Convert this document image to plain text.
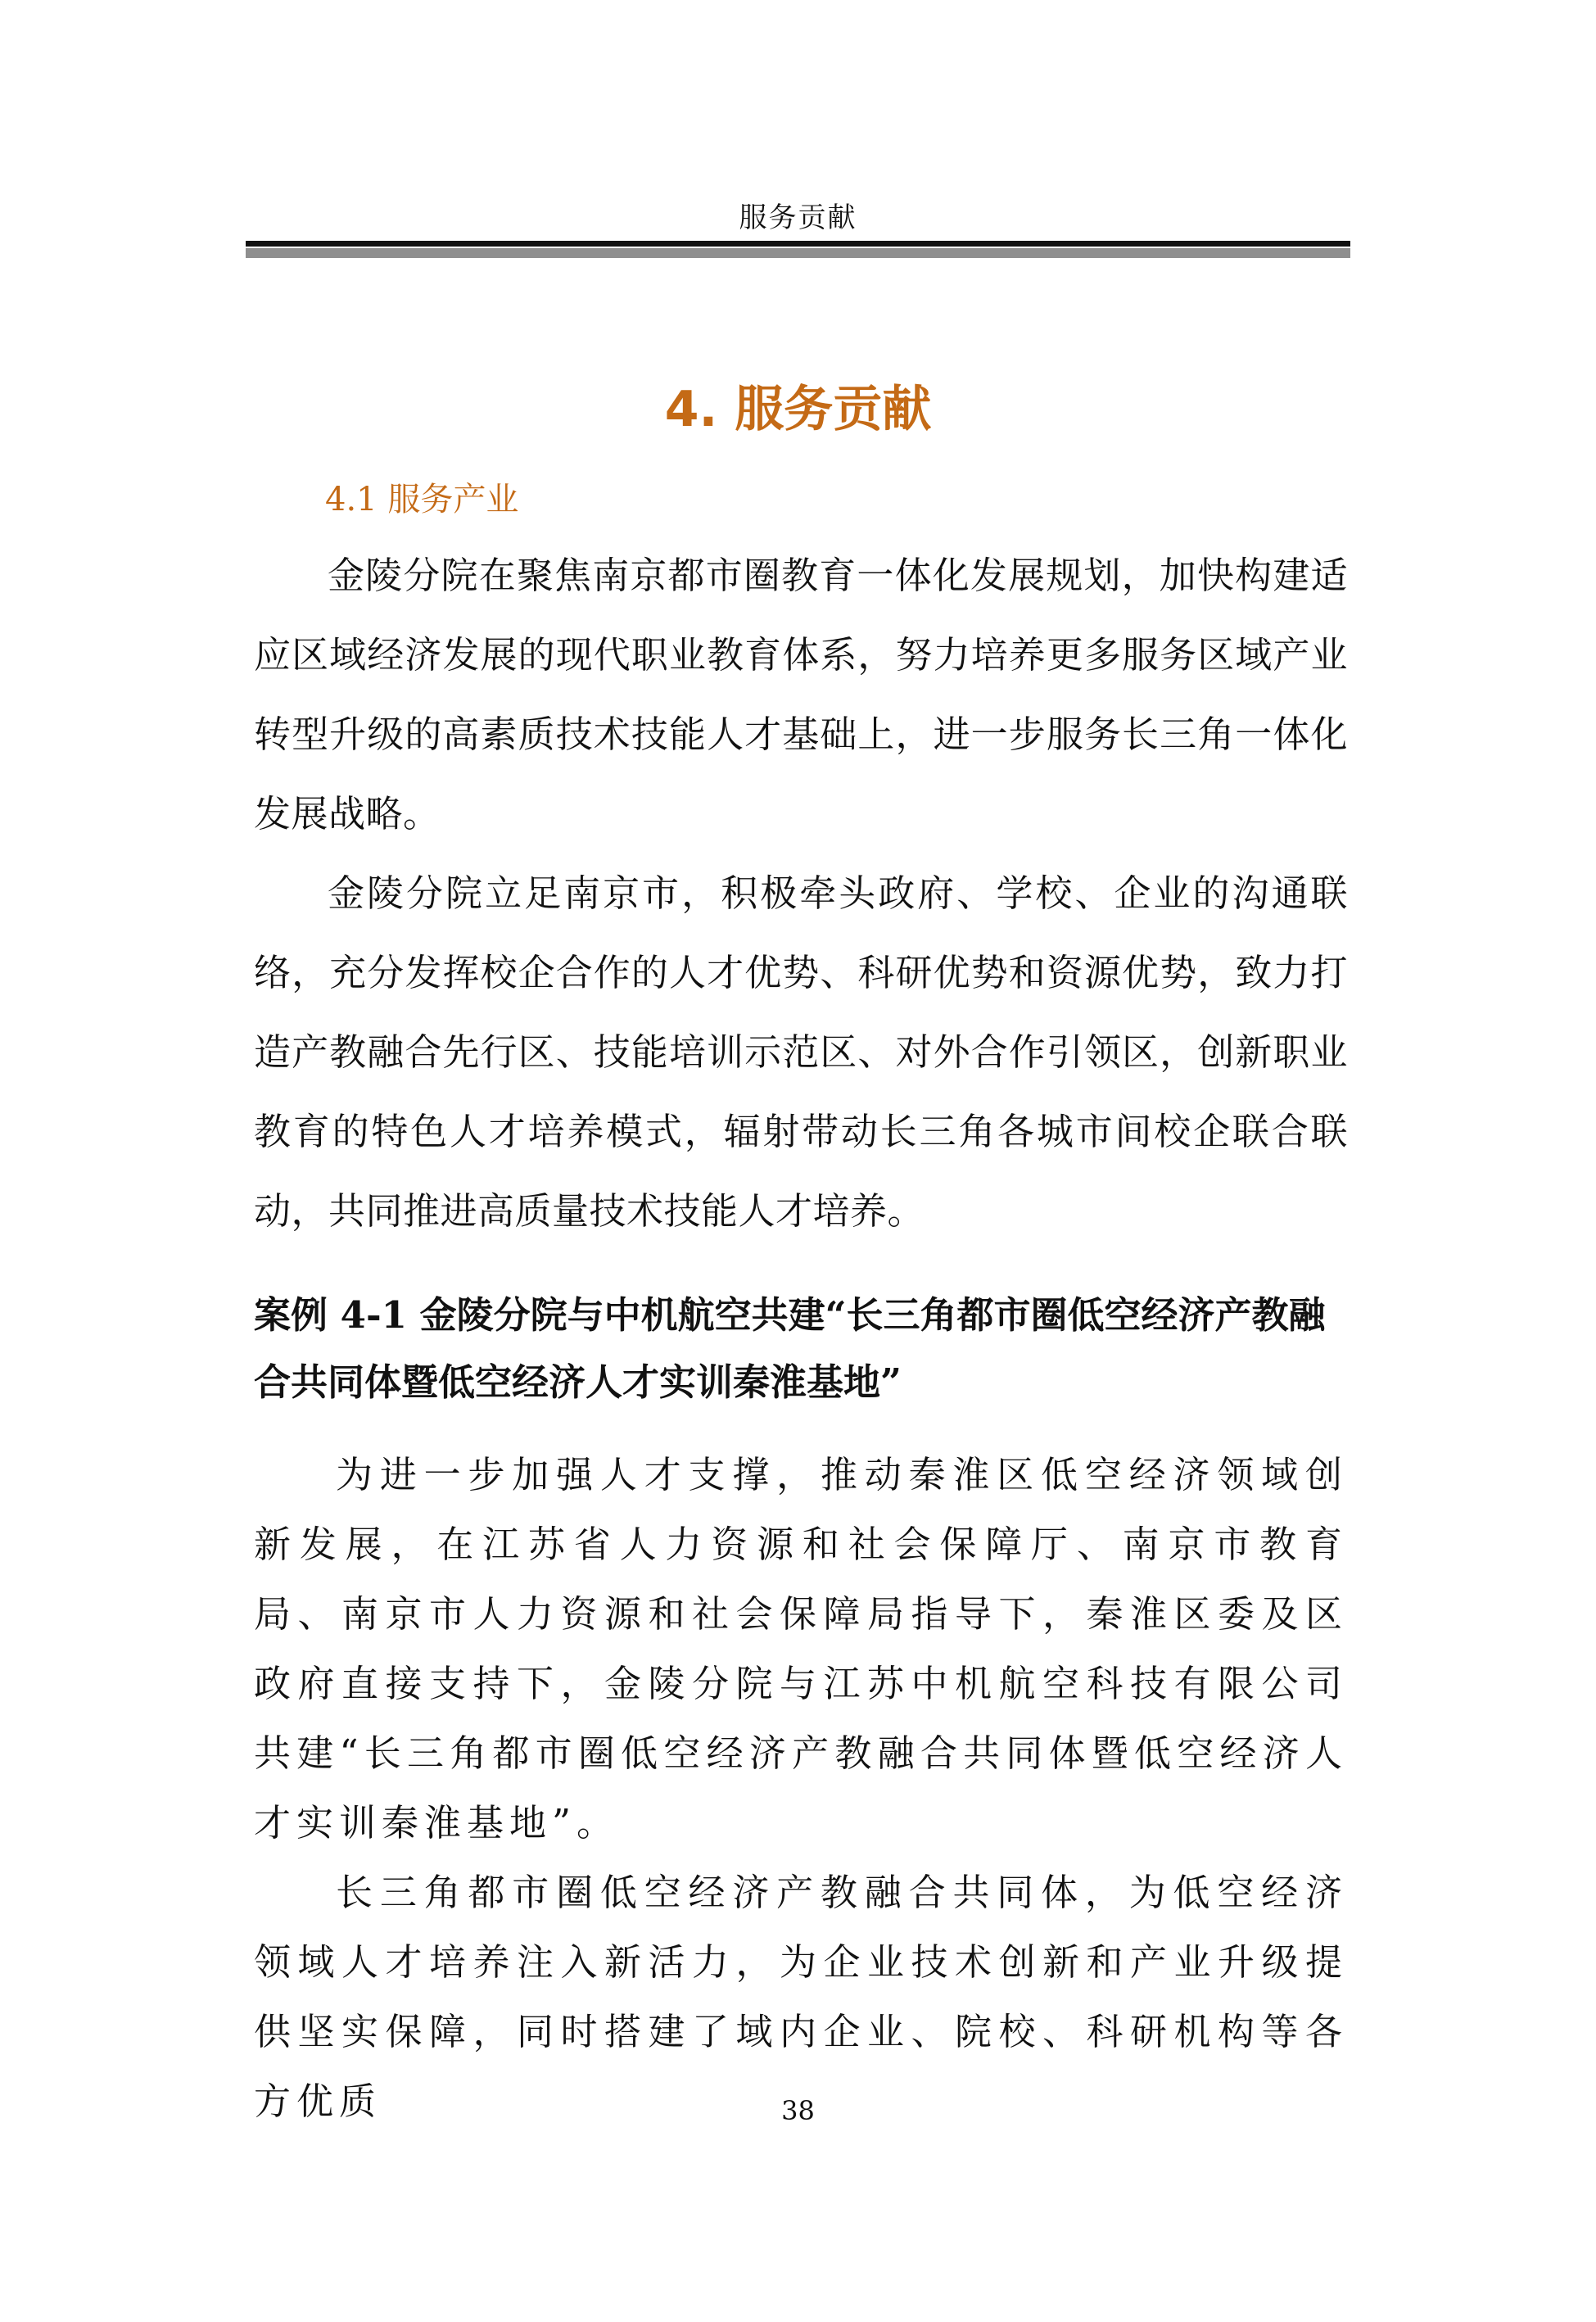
服务贡献
4. 服务贡献
4.1 服务产业

金陵分院在聚焦南京都市圈教育一体化发展规划，加快构建适应区域经济发展的现代职业教育体系，努力培养更多服务区域产业转型升级的高素质技术技能人才基础上，进一步服务长三角一体化发展战略。

金陵分院立足南京市，积极牵头政府、学校、企业的沟通联络，充分发挥校企合作的人才优势、科研优势和资源优势，致力打造产教融合先行区、技能培训示范区、对外合作引领区，创新职业教育的特色人才培养模式，辐射带动长三角各城市间校企联合联动，共同推进高质量技术技能人才培养。

案例 4-1 金陵分院与中机航空共建“长三角都市圈低空经济产教融合共同体暨低空经济人才实训秦淮基地”

为进一步加强人才支撑，推动秦淮区低空经济领域创新发展，在江苏省人力资源和社会保障厅、南京市教育局、南京市人力资源和社会保障局指导下，秦淮区委及区政府直接支持下，金陵分院与江苏中机航空科技有限公司共建“长三角都市圈低空经济产教融合共同体暨低空经济人才实训秦淮基地”。

长三角都市圈低空经济产教融合共同体，为低空经济领域人才培养注入新活力，为企业技术创新和产业升级提供坚实保障，同时搭建了域内企业、院校、科研机构等各方优质	38
